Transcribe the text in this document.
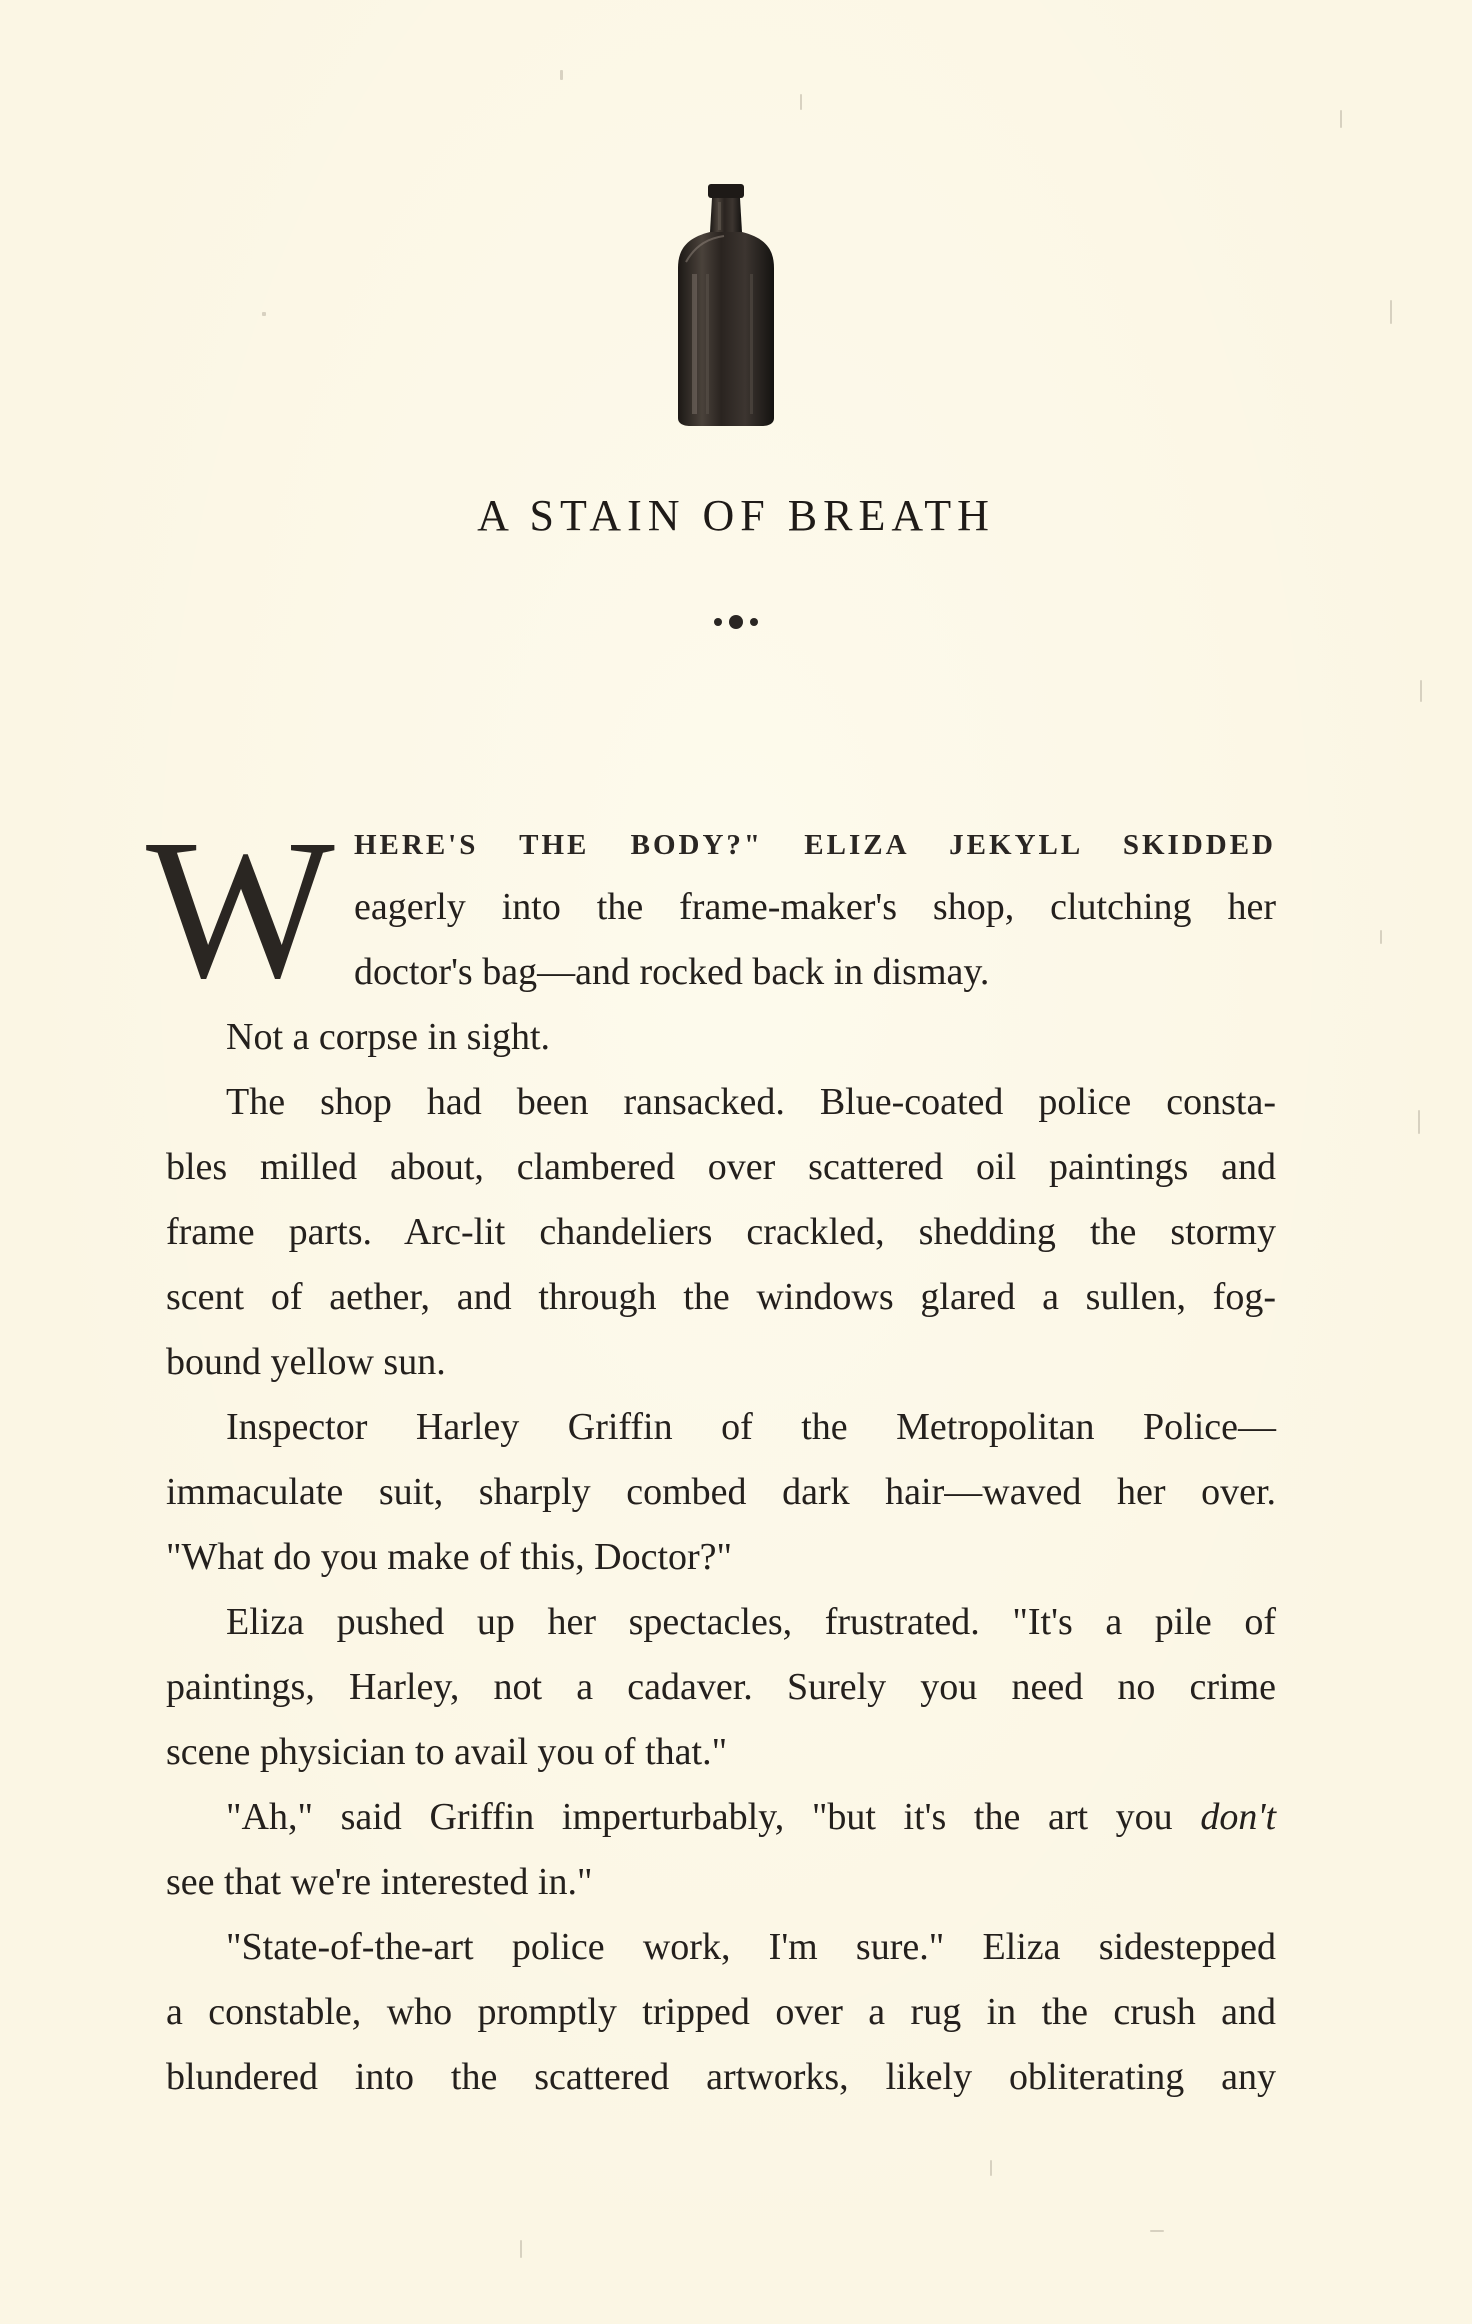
A STAIN OF BREATH
W HERE'S THE BODY?" ELIZA JEKYLL SKIDDED
eagerly into the frame-maker's shop, clutching her
doctor's bag—and rocked back in dismay.
Not a corpse in sight.
The shop had been ransacked. Blue-coated police consta-
bles milled about, clambered over scattered oil paintings and
frame parts. Arc-lit chandeliers crackled, shedding the stormy
scent of aether, and through the windows glared a sullen, fog-
bound yellow sun.
Inspector Harley Griffin of the Metropolitan Police—
immaculate suit, sharply combed dark hair—waved her over.
"What do you make of this, Doctor?"
Eliza pushed up her spectacles, frustrated. "It's a pile of
paintings, Harley, not a cadaver. Surely you need no crime
scene physician to avail you of that."
"Ah," said Griffin imperturbably, "but it's the art you don't
see that we're interested in."
"State-of-the-art police work, I'm sure." Eliza sidestepped
a constable, who promptly tripped over a rug in the crush and
blundered into the scattered artworks, likely obliterating any
